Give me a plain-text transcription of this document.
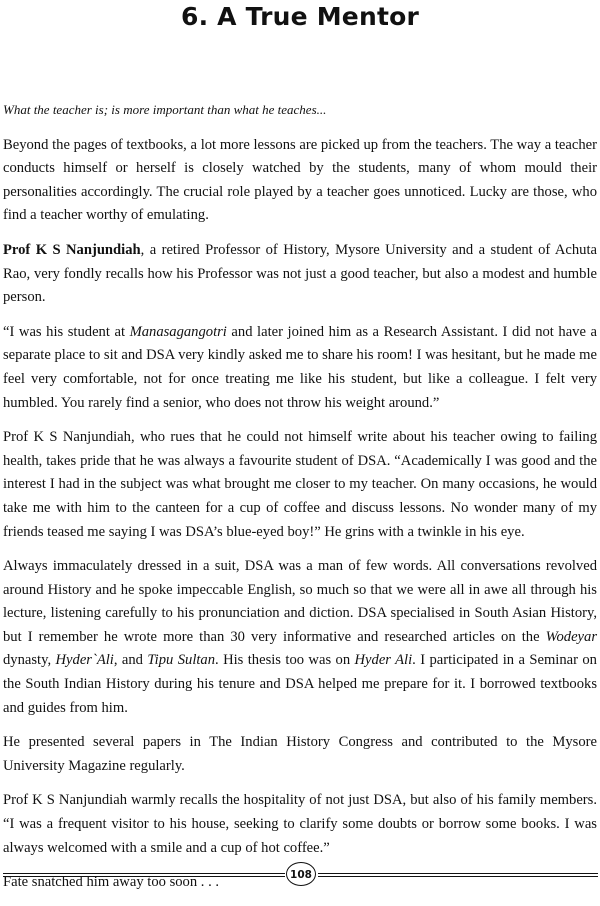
6. A True Mentor

What the teacher is; is more important than what he teaches...

Beyond the pages of textbooks, a lot more lessons are picked up from the teachers. The way a teacher conducts himself or herself is closely watched by the students, many of whom mould their personalities accordingly. The crucial role played by a teacher goes unnoticed. Lucky are those, who find a teacher worthy of emulating.

Prof K S Nanjundiah, a retired Professor of History, Mysore University and a student of Achuta Rao, very fondly recalls how his Professor was not just a good teacher, but also a modest and humble person.

“I was his student at Manasagangotri and later joined him as a Research Assistant. I did not have a separate place to sit and DSA very kindly asked me to share his room! I was hesitant, but he made me feel very comfortable, not for once treating me like his student, but like a colleague. I felt very humbled. You rarely find a senior, who does not throw his weight around.”

Prof K S Nanjundiah, who rues that he could not himself write about his teacher owing to failing health, takes pride that he was always a favourite student of DSA. “Academically I was good and the interest I had in the subject was what brought me closer to my teacher. On many occasions, he would take me with him to the canteen for a cup of coffee and discuss lessons. No wonder many of my friends teased me saying I was DSA’s blue-eyed boy!” He grins with a twinkle in his eye.

Always immaculately dressed in a suit, DSA was a man of few words. All conversations revolved around History and he spoke impeccable English, so much so that we were all in awe all through his lecture, listening carefully to his pronunciation and diction. DSA specialised in South Asian History, but I remember he wrote more than 30 very informative and researched articles on the Wodeyar dynasty, Hyder`Ali, and Tipu Sultan. His thesis too was on Hyder Ali. I participated in a Seminar on the South Indian History during his tenure and DSA helped me prepare for it. I borrowed textbooks and guides from him.

He presented several papers in The Indian History Congress and contributed to the Mysore University Magazine regularly.

Prof K S Nanjundiah warmly recalls the hospitality of not just DSA, but also of his family members. “I was a frequent visitor to his house, seeking to clarify some doubts or borrow some books. I was always welcomed with a smile and a cup of hot coffee.”

Fate snatched him away too soon . . .	108
